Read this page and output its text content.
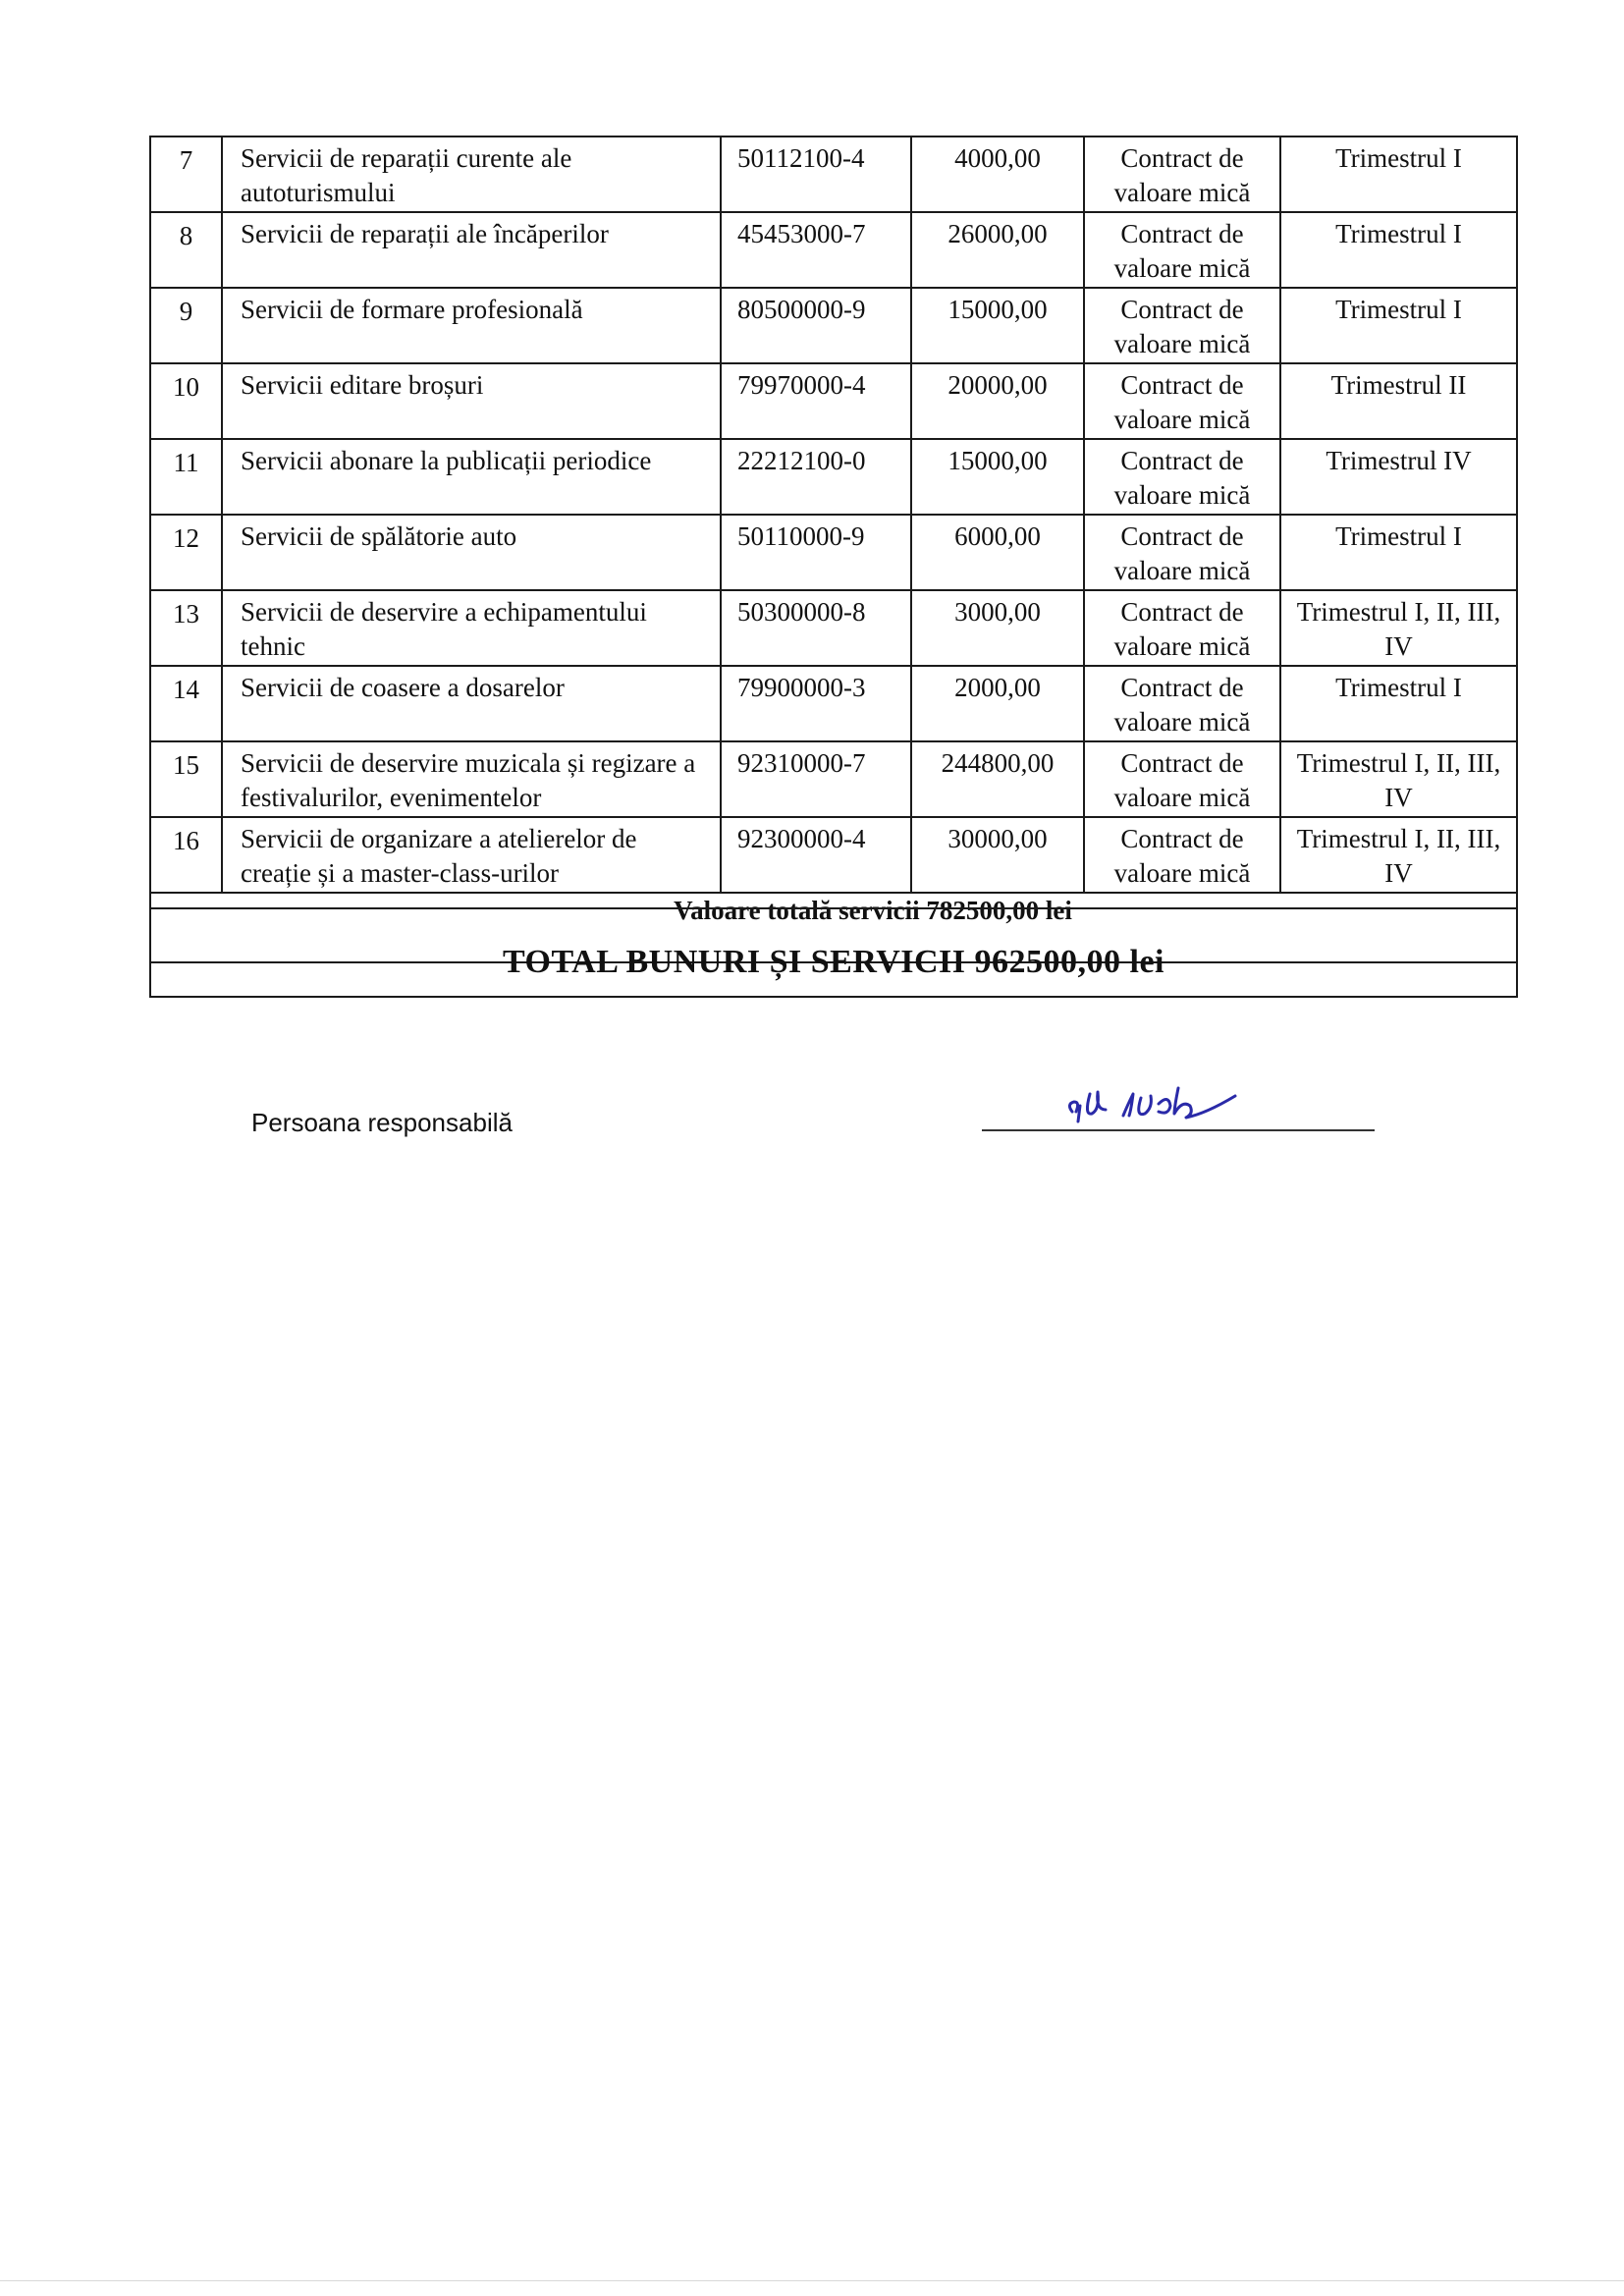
7	Servicii de reparații curente ale autoturismului	50112100-4	4000,00	Contract de valoare mică	Trimestrul I
8	Servicii de reparații ale încăperilor	45453000-7	26000,00	Contract de valoare mică	Trimestrul I
9	Servicii de formare profesională	80500000-9	15000,00	Contract de valoare mică	Trimestrul I
10	Servicii editare broșuri	79970000-4	20000,00	Contract de valoare mică	Trimestrul II
11	Servicii abonare la publicații periodice	22212100-0	15000,00	Contract de valoare mică	Trimestrul IV
12	Servicii de spălătorie auto	50110000-9	6000,00	Contract de valoare mică	Trimestrul I
13	Servicii de deservire a echipamentului tehnic	50300000-8	3000,00	Contract de valoare mică	Trimestrul I, II, III, IV
14	Servicii de coasere a dosarelor	79900000-3	2000,00	Contract de valoare mică	Trimestrul I
15	Servicii de deservire muzicala și regizare a festivalurilor, evenimentelor	92310000-7	244800,00	Contract de valoare mică	Trimestrul I, II, III, IV
16	Servicii de organizare a atelierelor de creație și a master-class-urilor	92300000-4	30000,00	Contract de valoare mică	Trimestrul I, II, III, IV

Valoare totală servicii 782500,00 lei					
TOTAL BUNURI ȘI SERVICII 962500,00 lei
Persoana responsabilă
